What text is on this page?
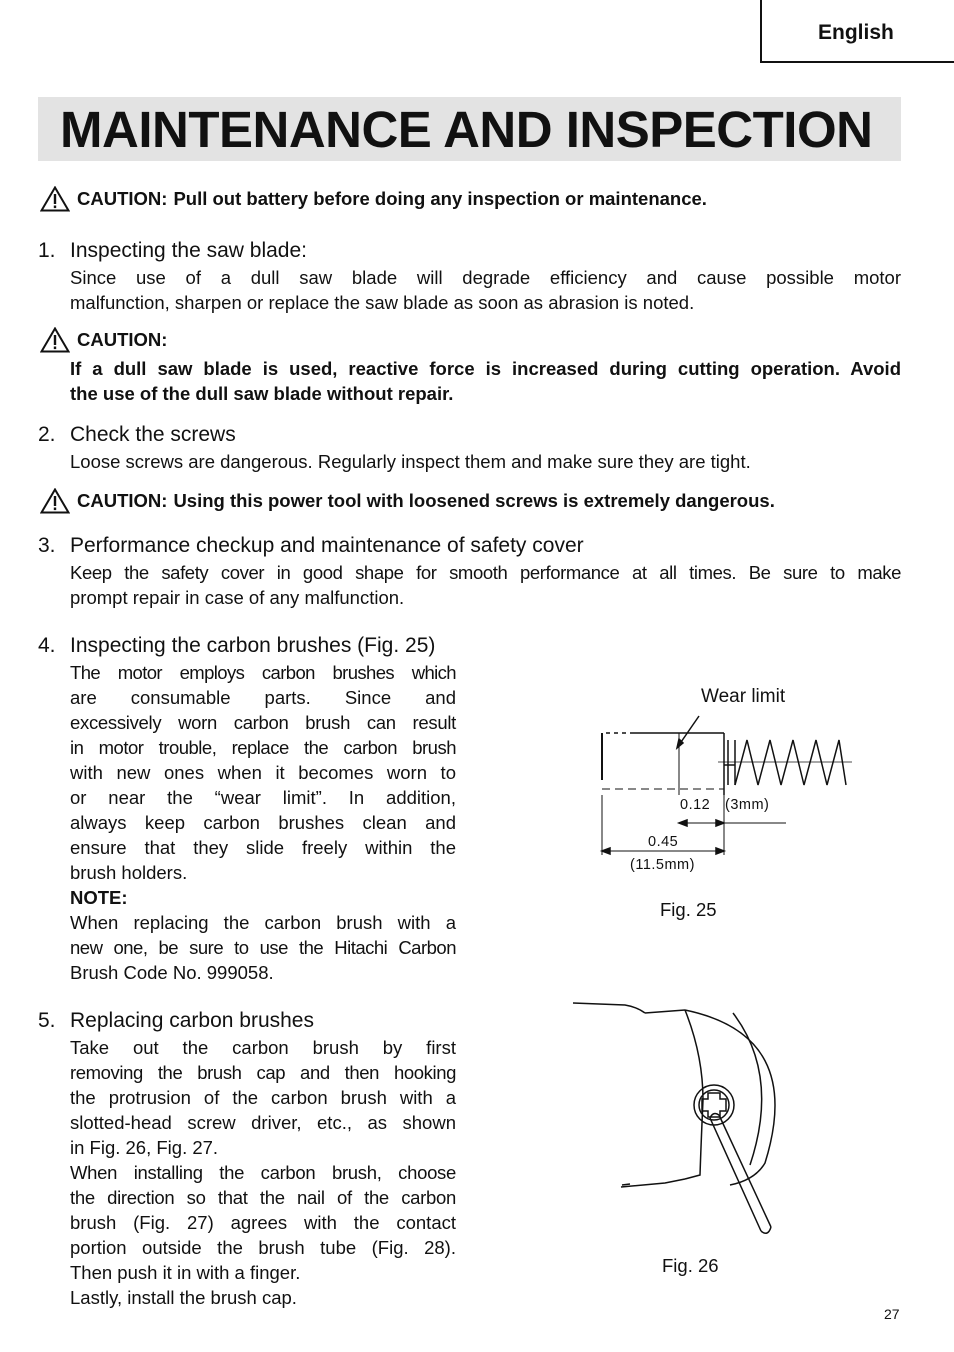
English
MAINTENANCE AND INSPECTION
CAUTION: Pull out battery before doing any inspection or maintenance.
1. Inspecting the saw blade:
Since use of a dull saw blade will degrade efficiency and cause possible motor
malfunction, sharpen or replace the saw blade as soon as abrasion is noted.
CAUTION:
If a dull saw blade is used, reactive force is increased during cutting operation. Avoid
the use of the dull saw blade without repair.
2. Check the screws
Loose screws are dangerous. Regularly inspect them and make sure they are tight.
CAUTION: Using this power tool with loosened screws is extremely dangerous.
3. Performance checkup and maintenance of safety cover
Keep the safety cover in good shape for smooth performance at all times. Be sure to make
prompt repair in case of any malfunction.
4. Inspecting the carbon brushes (Fig. 25)
The motor employs carbon brushes which
are consumable parts. Since and
excessively worn carbon brush can result
in motor trouble, replace the carbon brush
with new ones when it becomes worn to
or near the “wear limit”. In addition,
always keep carbon brushes clean and
ensure that they slide freely within the
brush holders.
NOTE:
When replacing the carbon brush with a
new one, be sure to use the Hitachi Carbon
Brush Code No. 999058.
5. Replacing carbon brushes
Take out the carbon brush by first
removing the brush cap and then hooking
the protrusion of the carbon brush with a
slotted-head screw driver, etc., as shown
in Fig. 26, Fig. 27.
When installing the carbon brush, choose
the direction so that the nail of the carbon
brush (Fig. 27) agrees with the contact
portion outside the brush tube (Fig. 28).
Then push it in with a finger.
Lastly, install the brush cap.
Wear limit
0.12 (3mm)
0.45
(11.5mm)
Fig. 25
Fig. 26
27
